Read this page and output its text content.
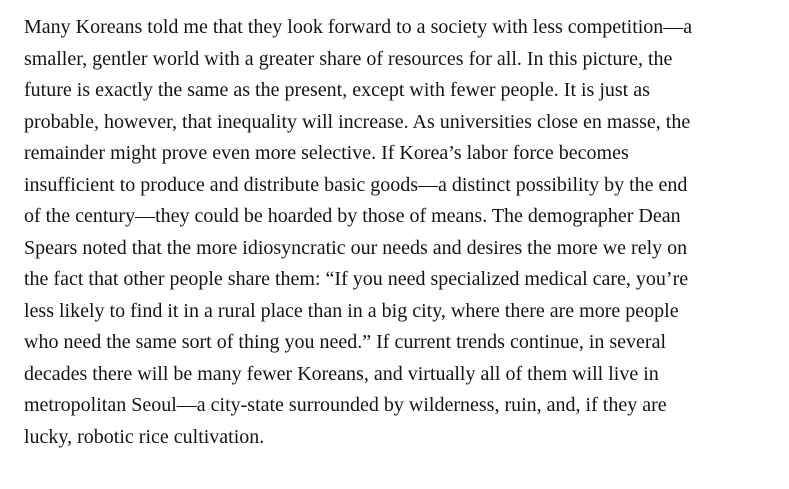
Many Koreans told me that they look forward to a society with less competition—a
smaller, gentler world with a greater share of resources for all. In this picture, the
future is exactly the same as the present, except with fewer people. It is just as
probable, however, that inequality will increase. As universities close en masse, the
remainder might prove even more selective. If Korea’s labor force becomes
insufficient to produce and distribute basic goods—a distinct possibility by the end
of the century—they could be hoarded by those of means. The demographer Dean
Spears noted that the more idiosyncratic our needs and desires the more we rely on
the fact that other people share them: “If you need specialized medical care, you’re
less likely to find it in a rural place than in a big city, where there are more people
who need the same sort of thing you need.” If current trends continue, in several
decades there will be many fewer Koreans, and virtually all of them will live in
metropolitan Seoul—a city-state surrounded by wilderness, ruin, and, if they are
lucky, robotic rice cultivation.
